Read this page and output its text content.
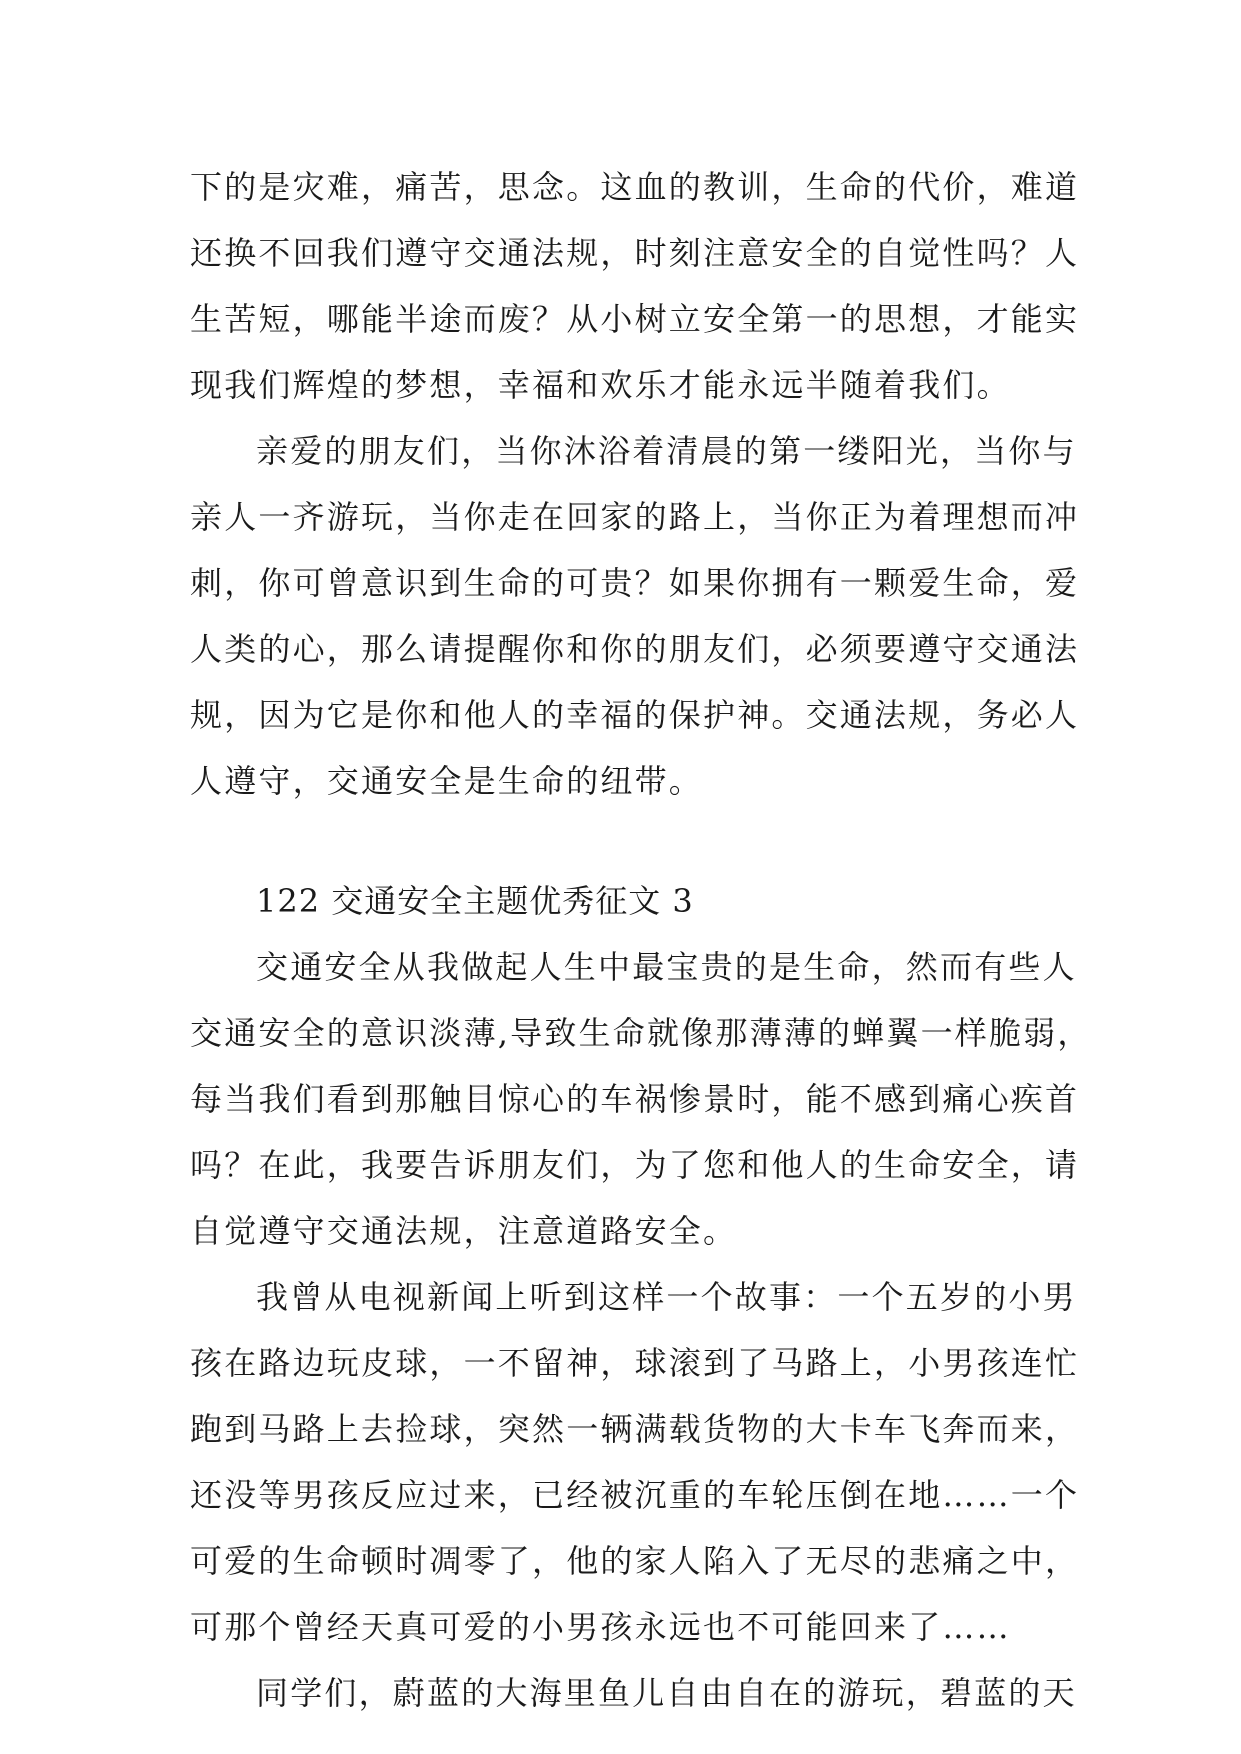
下的是灾难，痛苦，思念。这血的教训，生命的代价，难道
还换不回我们遵守交通法规，时刻注意安全的自觉性吗？人
生苦短，哪能半途而废？从小树立安全第一的思想，才能实
现我们辉煌的梦想，幸福和欢乐才能永远半随着我们。
亲爱的朋友们，当你沐浴着清晨的第一缕阳光，当你与
亲人一齐游玩，当你走在回家的路上，当你正为着理想而冲
刺，你可曾意识到生命的可贵？如果你拥有一颗爱生命，爱
人类的心，那么请提醒你和你的朋友们，必须要遵守交通法
规，因为它是你和他人的幸福的保护神。交通法规，务必人
人遵守，交通安全是生命的纽带。
122 交通安全主题优秀征文 3
交通安全从我做起人生中最宝贵的是生命，然而有些人
交通安全的意识淡薄,导致生命就像那薄薄的蝉翼一样脆弱，
每当我们看到那触目惊心的车祸惨景时，能不感到痛心疾首
吗？在此，我要告诉朋友们，为了您和他人的生命安全，请
自觉遵守交通法规，注意道路安全。
我曾从电视新闻上听到这样一个故事：一个五岁的小男
孩在路边玩皮球，一不留神，球滚到了马路上，小男孩连忙
跑到马路上去捡球，突然一辆满载货物的大卡车飞奔而来，
还没等男孩反应过来，已经被沉重的车轮压倒在地……一个
可爱的生命顿时凋零了，他的家人陷入了无尽的悲痛之中，
可那个曾经天真可爱的小男孩永远也不可能回来了……
同学们，蔚蓝的大海里鱼儿自由自在的游玩，碧蓝的天
